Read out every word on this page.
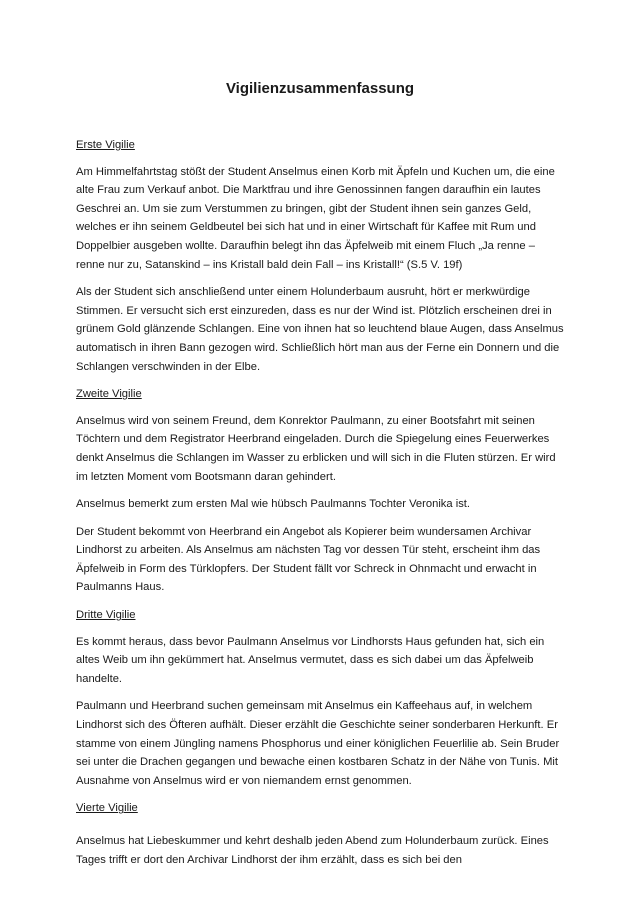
Vigilienzusammenfassung

Erste Vigilie

Am Himmelfahrtstag stößt der Student Anselmus einen Korb mit Äpfeln und Kuchen um, die eine alte Frau zum Verkauf anbot. Die Marktfrau und ihre Genossinnen fangen daraufhin ein lautes Geschrei an. Um sie zum Verstummen zu bringen, gibt der Student ihnen sein ganzes Geld, welches er ihn seinem Geldbeutel bei sich hat und in einer Wirtschaft für Kaffee mit Rum und Doppelbier ausgeben wollte. Daraufhin belegt ihn das Äpfelweib mit einem Fluch „Ja renne – renne nur zu, Satanskind – ins Kristall bald dein Fall – ins Kristall!“ (S.5 V. 19f)

Als der Student sich anschließend unter einem Holunderbaum ausruht, hört er merkwürdige Stimmen. Er versucht sich erst einzureden, dass es nur der Wind ist. Plötzlich erscheinen drei in grünem Gold glänzende Schlangen. Eine von ihnen hat so leuchtend blaue Augen, dass Anselmus automatisch in ihren Bann gezogen wird. Schließlich hört man aus der Ferne ein Donnern und die Schlangen verschwinden in der Elbe.

Zweite Vigilie

Anselmus wird von seinem Freund, dem Konrektor Paulmann, zu einer Bootsfahrt mit seinen Töchtern und dem Registrator Heerbrand eingeladen. Durch die Spiegelung eines Feuerwerkes denkt Anselmus die Schlangen im Wasser zu erblicken und will sich in die Fluten stürzen. Er wird im letzten Moment vom Bootsmann daran gehindert.

Anselmus bemerkt zum ersten Mal wie hübsch Paulmanns Tochter Veronika ist.

Der Student bekommt von Heerbrand ein Angebot als Kopierer beim wundersamen Archivar Lindhorst zu arbeiten. Als Anselmus am nächsten Tag vor dessen Tür steht, erscheint ihm das Äpfelweib in Form des Türklopfers. Der Student fällt vor Schreck in Ohnmacht und erwacht in Paulmanns Haus.

Dritte Vigilie

Es kommt heraus, dass bevor Paulmann Anselmus vor Lindhorsts Haus gefunden hat, sich ein altes Weib um ihn gekümmert hat. Anselmus vermutet, dass es sich dabei um das Äpfelweib handelte.

Paulmann und Heerbrand suchen gemeinsam mit Anselmus ein Kaffeehaus auf, in welchem Lindhorst sich des Öfteren aufhält. Dieser erzählt die Geschichte seiner sonderbaren Herkunft. Er stamme von einem Jüngling namens Phosphorus und einer königlichen Feuerlilie ab. Sein Bruder sei unter die Drachen gegangen und bewache einen kostbaren Schatz in der Nähe von Tunis. Mit Ausnahme von Anselmus wird er von niemandem ernst genommen.

Vierte Vigilie

Anselmus hat Liebeskummer und kehrt deshalb jeden Abend zum Holunderbaum zurück. Eines Tages trifft er dort den Archivar Lindhorst der ihm erzählt, dass es sich bei den
